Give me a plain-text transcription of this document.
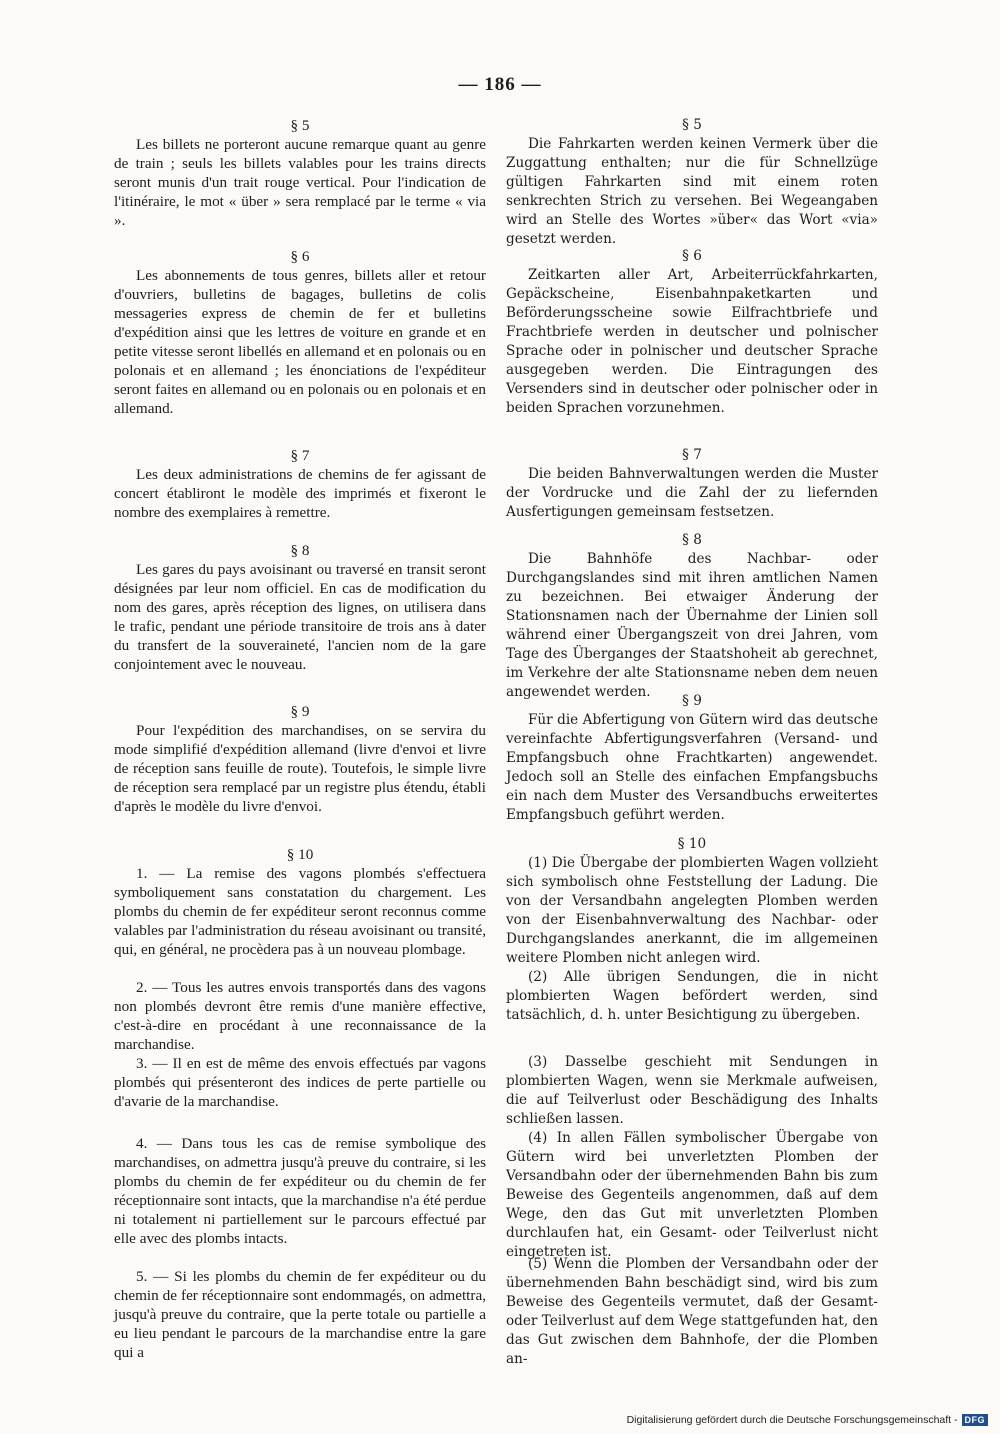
— 186 —

§ 5

Les billets ne porteront aucune remarque quant au genre de train ; seuls les billets valables pour les trains directs seront munis d'un trait rouge vertical. Pour l'indication de l'itinéraire, le mot « über » sera remplacé par le terme « via ».

§ 6

Les abonnements de tous genres, billets aller et retour d'ouvriers, bulletins de bagages, bulletins de colis messageries express de chemin de fer et bulletins d'expédition ainsi que les lettres de voiture en grande et en petite vitesse seront libellés en allemand et en polonais ou en polonais et en allemand ; les énonciations de l'expéditeur seront faites en allemand ou en polonais ou en polonais et en allemand.

§ 7

Les deux administrations de chemins de fer agissant de concert établiront le modèle des imprimés et fixeront le nombre des exemplaires à remettre.

§ 8

Les gares du pays avoisinant ou traversé en transit seront désignées par leur nom officiel. En cas de modification du nom des gares, après réception des lignes, on utilisera dans le trafic, pendant une période transitoire de trois ans à dater du transfert de la souveraineté, l'ancien nom de la gare conjointement avec le nouveau.

§ 9

Pour l'expédition des marchandises, on se servira du mode simplifié d'expédition allemand (livre d'envoi et livre de réception sans feuille de route). Toutefois, le simple livre de réception sera remplacé par un registre plus étendu, établi d'après le modèle du livre d'envoi.

§ 10

1. — La remise des vagons plombés s'effectuera symboliquement sans constatation du chargement. Les plombs du chemin de fer expéditeur seront reconnus comme valables par l'administration du réseau avoisinant ou transité, qui, en général, ne procèdera pas à un nouveau plombage.

2. — Tous les autres envois transportés dans des vagons non plombés devront être remis d'une manière effective, c'est-à-dire en procédant à une reconnaissance de la marchandise.

3. — Il en est de même des envois effectués par vagons plombés qui présenteront des indices de perte partielle ou d'avarie de la marchandise.

4. — Dans tous les cas de remise symbolique des marchandises, on admettra jusqu'à preuve du contraire, si les plombs du chemin de fer expéditeur ou du chemin de fer réceptionnaire sont intacts, que la marchandise n'a été perdue ni totalement ni partiellement sur le parcours effectué par elle avec des plombs intacts.

5. — Si les plombs du chemin de fer expéditeur ou du chemin de fer réceptionnaire sont endommagés, on admettra, jusqu'à preuve du contraire, que la perte totale ou partielle a eu lieu pendant le parcours de la marchandise entre la gare qui a

§ 5

Die Fahrkarten werden keinen Vermerk über die Zuggattung enthalten; nur die für Schnellzüge gültigen Fahrkarten sind mit einem roten senkrechten Strich zu versehen. Bei Wegeangaben wird an Stelle des Wortes »über« das Wort «via» gesetzt werden.

§ 6

Zeitkarten aller Art, Arbeiterrückfahrkarten, Gepäckscheine, Eisenbahnpaketkarten und Beförderungsscheine sowie Eilfrachtbriefe und Frachtbriefe werden in deutscher und polnischer Sprache oder in polnischer und deutscher Sprache ausgegeben werden. Die Eintragungen des Versenders sind in deutscher oder polnischer oder in beiden Sprachen vorzunehmen.

§ 7

Die beiden Bahnverwaltungen werden die Muster der Vordrucke und die Zahl der zu liefernden Ausfertigungen gemeinsam festsetzen.

§ 8

Die Bahnhöfe des Nachbar- oder Durchgangslandes sind mit ihren amtlichen Namen zu bezeichnen. Bei etwaiger Änderung der Stationsnamen nach der Übernahme der Linien soll während einer Übergangszeit von drei Jahren, vom Tage des Überganges der Staatshoheit ab gerechnet, im Verkehre der alte Stationsname neben dem neuen angewendet werden.

§ 9

Für die Abfertigung von Gütern wird das deutsche vereinfachte Abfertigungsverfahren (Versand- und Empfangsbuch ohne Frachtkarten) angewendet. Jedoch soll an Stelle des einfachen Empfangsbuchs ein nach dem Muster des Versandbuchs erweitertes Empfangsbuch geführt werden.

§ 10

(1) Die Übergabe der plombierten Wagen vollzieht sich symbolisch ohne Feststellung der Ladung. Die von der Versandbahn angelegten Plomben werden von der Eisenbahnverwaltung des Nachbar- oder Durchgangslandes anerkannt, die im allgemeinen weitere Plomben nicht anlegen wird.

(2) Alle übrigen Sendungen, die in nicht plombierten Wagen befördert werden, sind tatsächlich, d. h. unter Besichtigung zu übergeben.

(3) Dasselbe geschieht mit Sendungen in plombierten Wagen, wenn sie Merkmale aufweisen, die auf Teilverlust oder Beschädigung des Inhalts schließen lassen.

(4) In allen Fällen symbolischer Übergabe von Gütern wird bei unverletzten Plomben der Versandbahn oder der übernehmenden Bahn bis zum Beweise des Gegenteils angenommen, daß auf dem Wege, den das Gut mit unverletzten Plomben durchlaufen hat, ein Gesamt- oder Teilverlust nicht eingetreten ist.

(5) Wenn die Plomben der Versandbahn oder der übernehmenden Bahn beschädigt sind, wird bis zum Beweise des Gegenteils vermutet, daß der Gesamt- oder Teilverlust auf dem Wege stattgefunden hat, den das Gut zwischen dem Bahnhofe, der die Plomben an-

Digitalisierung gefördert durch die Deutsche Forschungsgemeinschaft - DFG
